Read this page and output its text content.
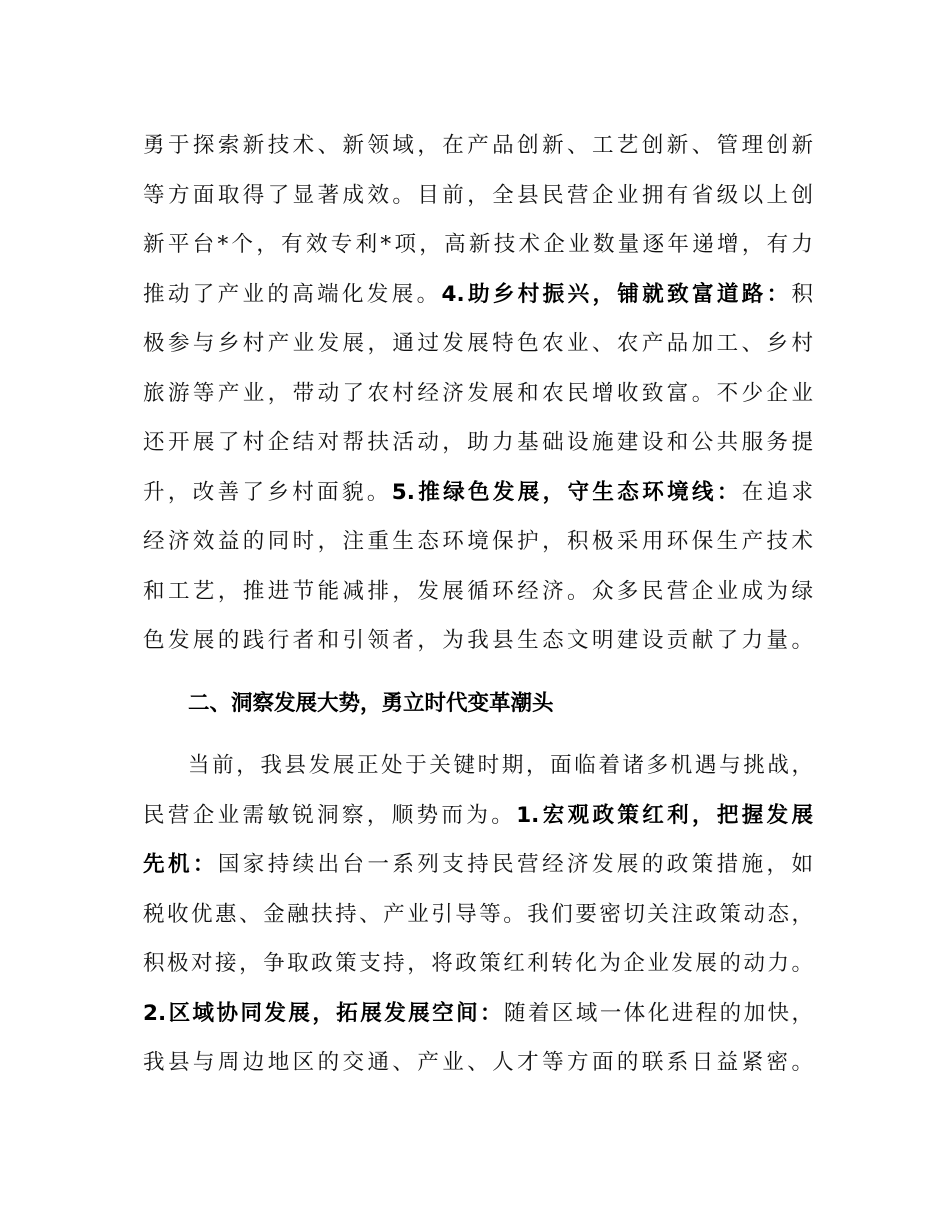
勇于探索新技术、新领域，在产品创新、工艺创新、管理创新
等方面取得了显著成效。目前，全县民营企业拥有省级以上创
新平台*个，有效专利*项，高新技术企业数量逐年递增，有力
推动了产业的高端化发展。4.助乡村振兴，铺就致富道路：积
极参与乡村产业发展，通过发展特色农业、农产品加工、乡村
旅游等产业，带动了农村经济发展和农民增收致富。不少企业
还开展了村企结对帮扶活动，助力基础设施建设和公共服务提
升，改善了乡村面貌。5.推绿色发展，守生态环境线：在追求
经济效益的同时，注重生态环境保护，积极采用环保生产技术
和工艺，推进节能减排，发展循环经济。众多民营企业成为绿
色发展的践行者和引领者，为我县生态文明建设贡献了力量。
二、洞察发展大势，勇立时代变革潮头
当前，我县发展正处于关键时期，面临着诸多机遇与挑战，
民营企业需敏锐洞察，顺势而为。1.宏观政策红利，把握发展
先机：国家持续出台一系列支持民营经济发展的政策措施，如
税收优惠、金融扶持、产业引导等。我们要密切关注政策动态，
积极对接，争取政策支持，将政策红利转化为企业发展的动力。
2.区域协同发展，拓展发展空间：随着区域一体化进程的加快，
我县与周边地区的交通、产业、人才等方面的联系日益紧密。
